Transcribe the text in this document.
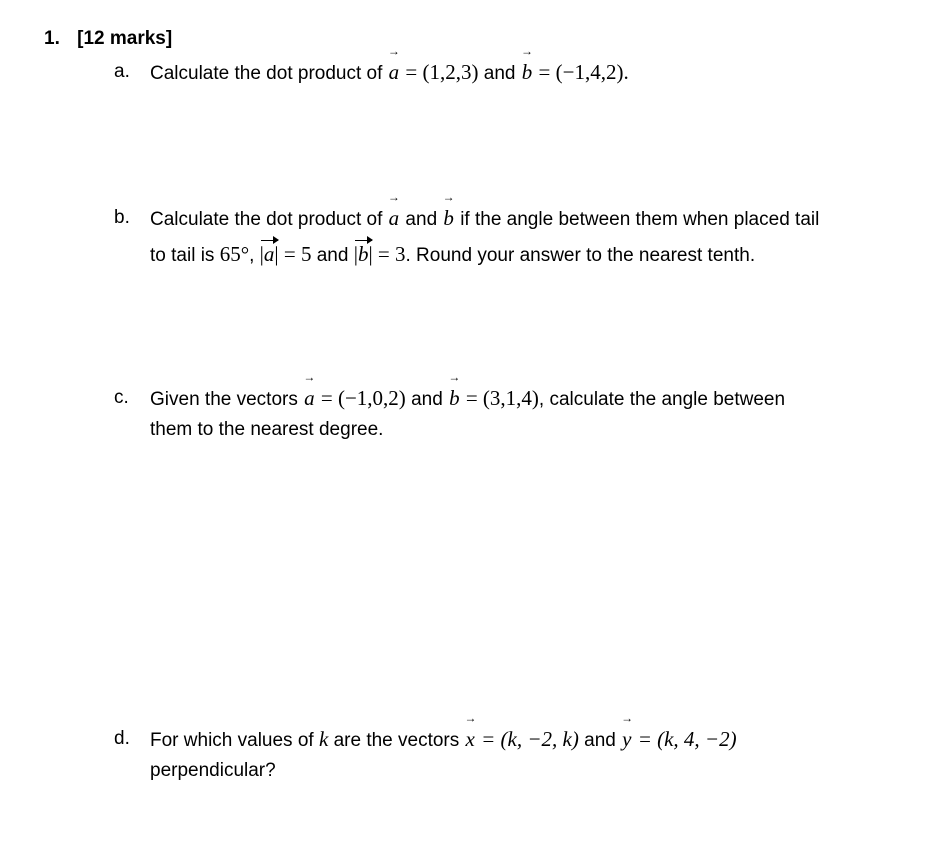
1. [12 marks]
a. Calculate the dot product of
→
a = (1,2,3) and
→
b = (−1,4,2).
b. Calculate the dot product of
→
a and
→
b if the angle between them when placed tail
to tail is 65°,
|a| = 5 and
|b| = 3. Round your answer to the nearest tenth.
c. Given the vectors
→
a = (−1,0,2) and
→
b = (3,1,4), calculate the angle between
them to the nearest degree.
d. For which values of k are the vectors
→
x = (k, −2, k) and
→
y = (k, 4, −2)
perpendicular?
